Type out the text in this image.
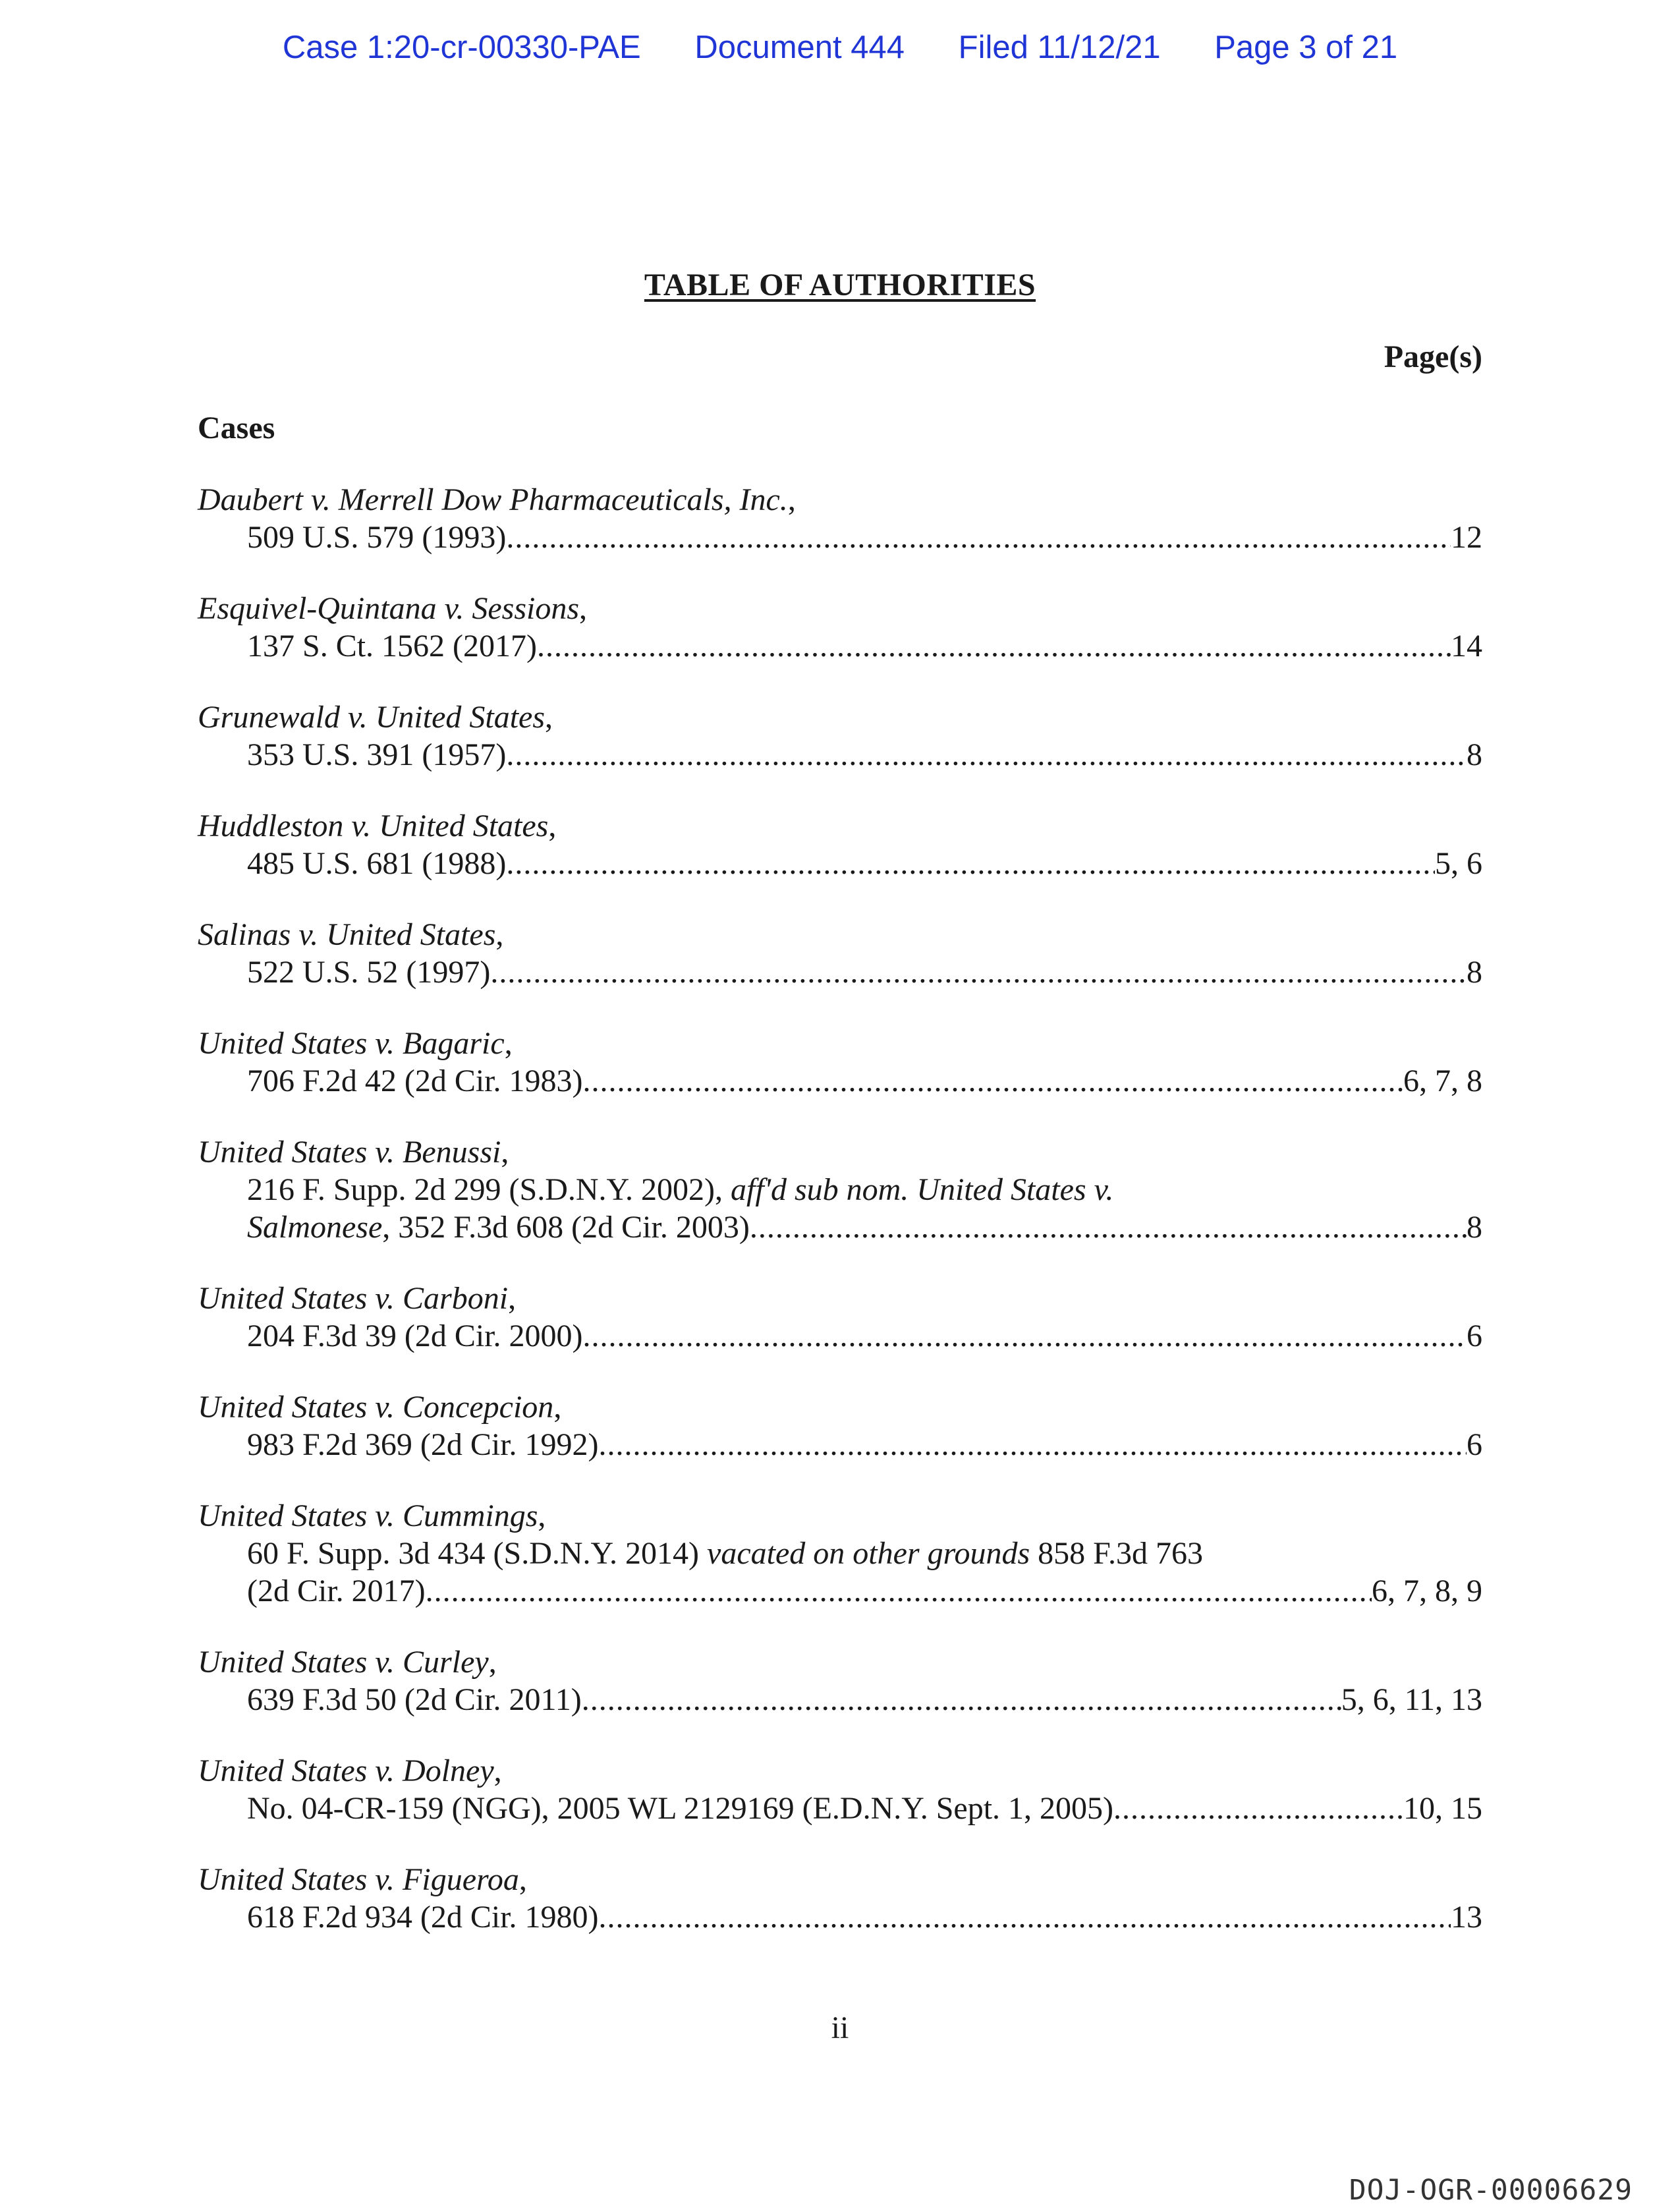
Case 1:20-cr-00330-PAE Document 444 Filed 11/12/21 Page 3 of 21
TABLE OF AUTHORITIES
Page(s)
Cases
Daubert v. Merrell Dow Pharmaceuticals, Inc.,
509 U.S. 579 (1993) .....	12
Esquivel-Quintana v. Sessions,
137 S. Ct. 1562 (2017) .....	14
Grunewald v. United States,
353 U.S. 391 (1957) .....	8
Huddleston v. United States,
485 U.S. 681 (1988) .....	5, 6
Salinas v. United States,
522 U.S. 52 (1997) .....	8
United States v. Bagaric,
706 F.2d 42 (2d Cir. 1983) .....	6, 7, 8
United States v. Benussi,
216 F. Supp. 2d 299 (S.D.N.Y. 2002), aff'd sub nom. United States v.
Salmonese, 352 F.3d 608 (2d Cir. 2003) .....	8
United States v. Carboni,
204 F.3d 39 (2d Cir. 2000) .....	6
United States v. Concepcion,
983 F.2d 369 (2d Cir. 1992) .....	6
United States v. Cummings,
60 F. Supp. 3d 434 (S.D.N.Y. 2014) vacated on other grounds 858 F.3d 763
(2d Cir. 2017) .....	6, 7, 8, 9
United States v. Curley,
639 F.3d 50 (2d Cir. 2011) .....	5, 6, 11, 13
United States v. Dolney,
No. 04-CR-159 (NGG), 2005 WL 2129169 (E.D.N.Y. Sept. 1, 2005) .....	10, 15
United States v. Figueroa,
618 F.2d 934 (2d Cir. 1980) .....	13
ii
DOJ-OGR-00006629
